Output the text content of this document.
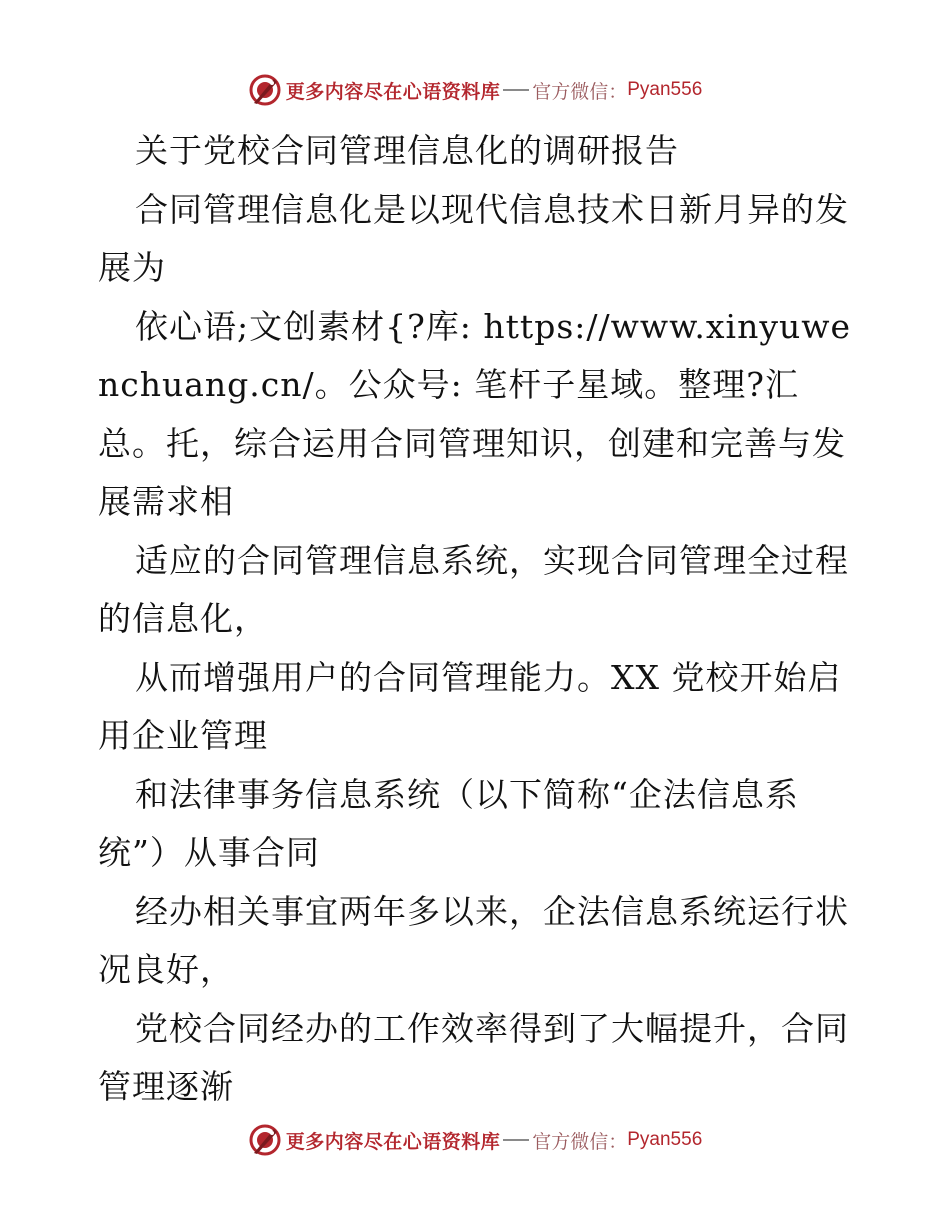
更多内容尽在心语资料库 官方微信： Pyan556

关于党校合同管理信息化的调研报告

合同管理信息化是以现代信息技术日新月异的发展为

依心语;文创素材{?库: https://www.xinyuwenchuang.cn/。公众号: 笔杆子星域。整理?汇总。托，综合运用合同管理知识，创建和完善与发展需求相

适应的合同管理信息系统，实现合同管理全过程的信息化，

从而增强用户的合同管理能力。XX 党校开始启用企业管理

和法律事务信息系统（以下简称“企法信息系统”）从事合同

经办相关事宜两年多以来，企法信息系统运行状况良好，

党校合同经办的工作效率得到了大幅提升，合同管理逐渐

更多内容尽在心语资料库 官方微信： Pyan556
